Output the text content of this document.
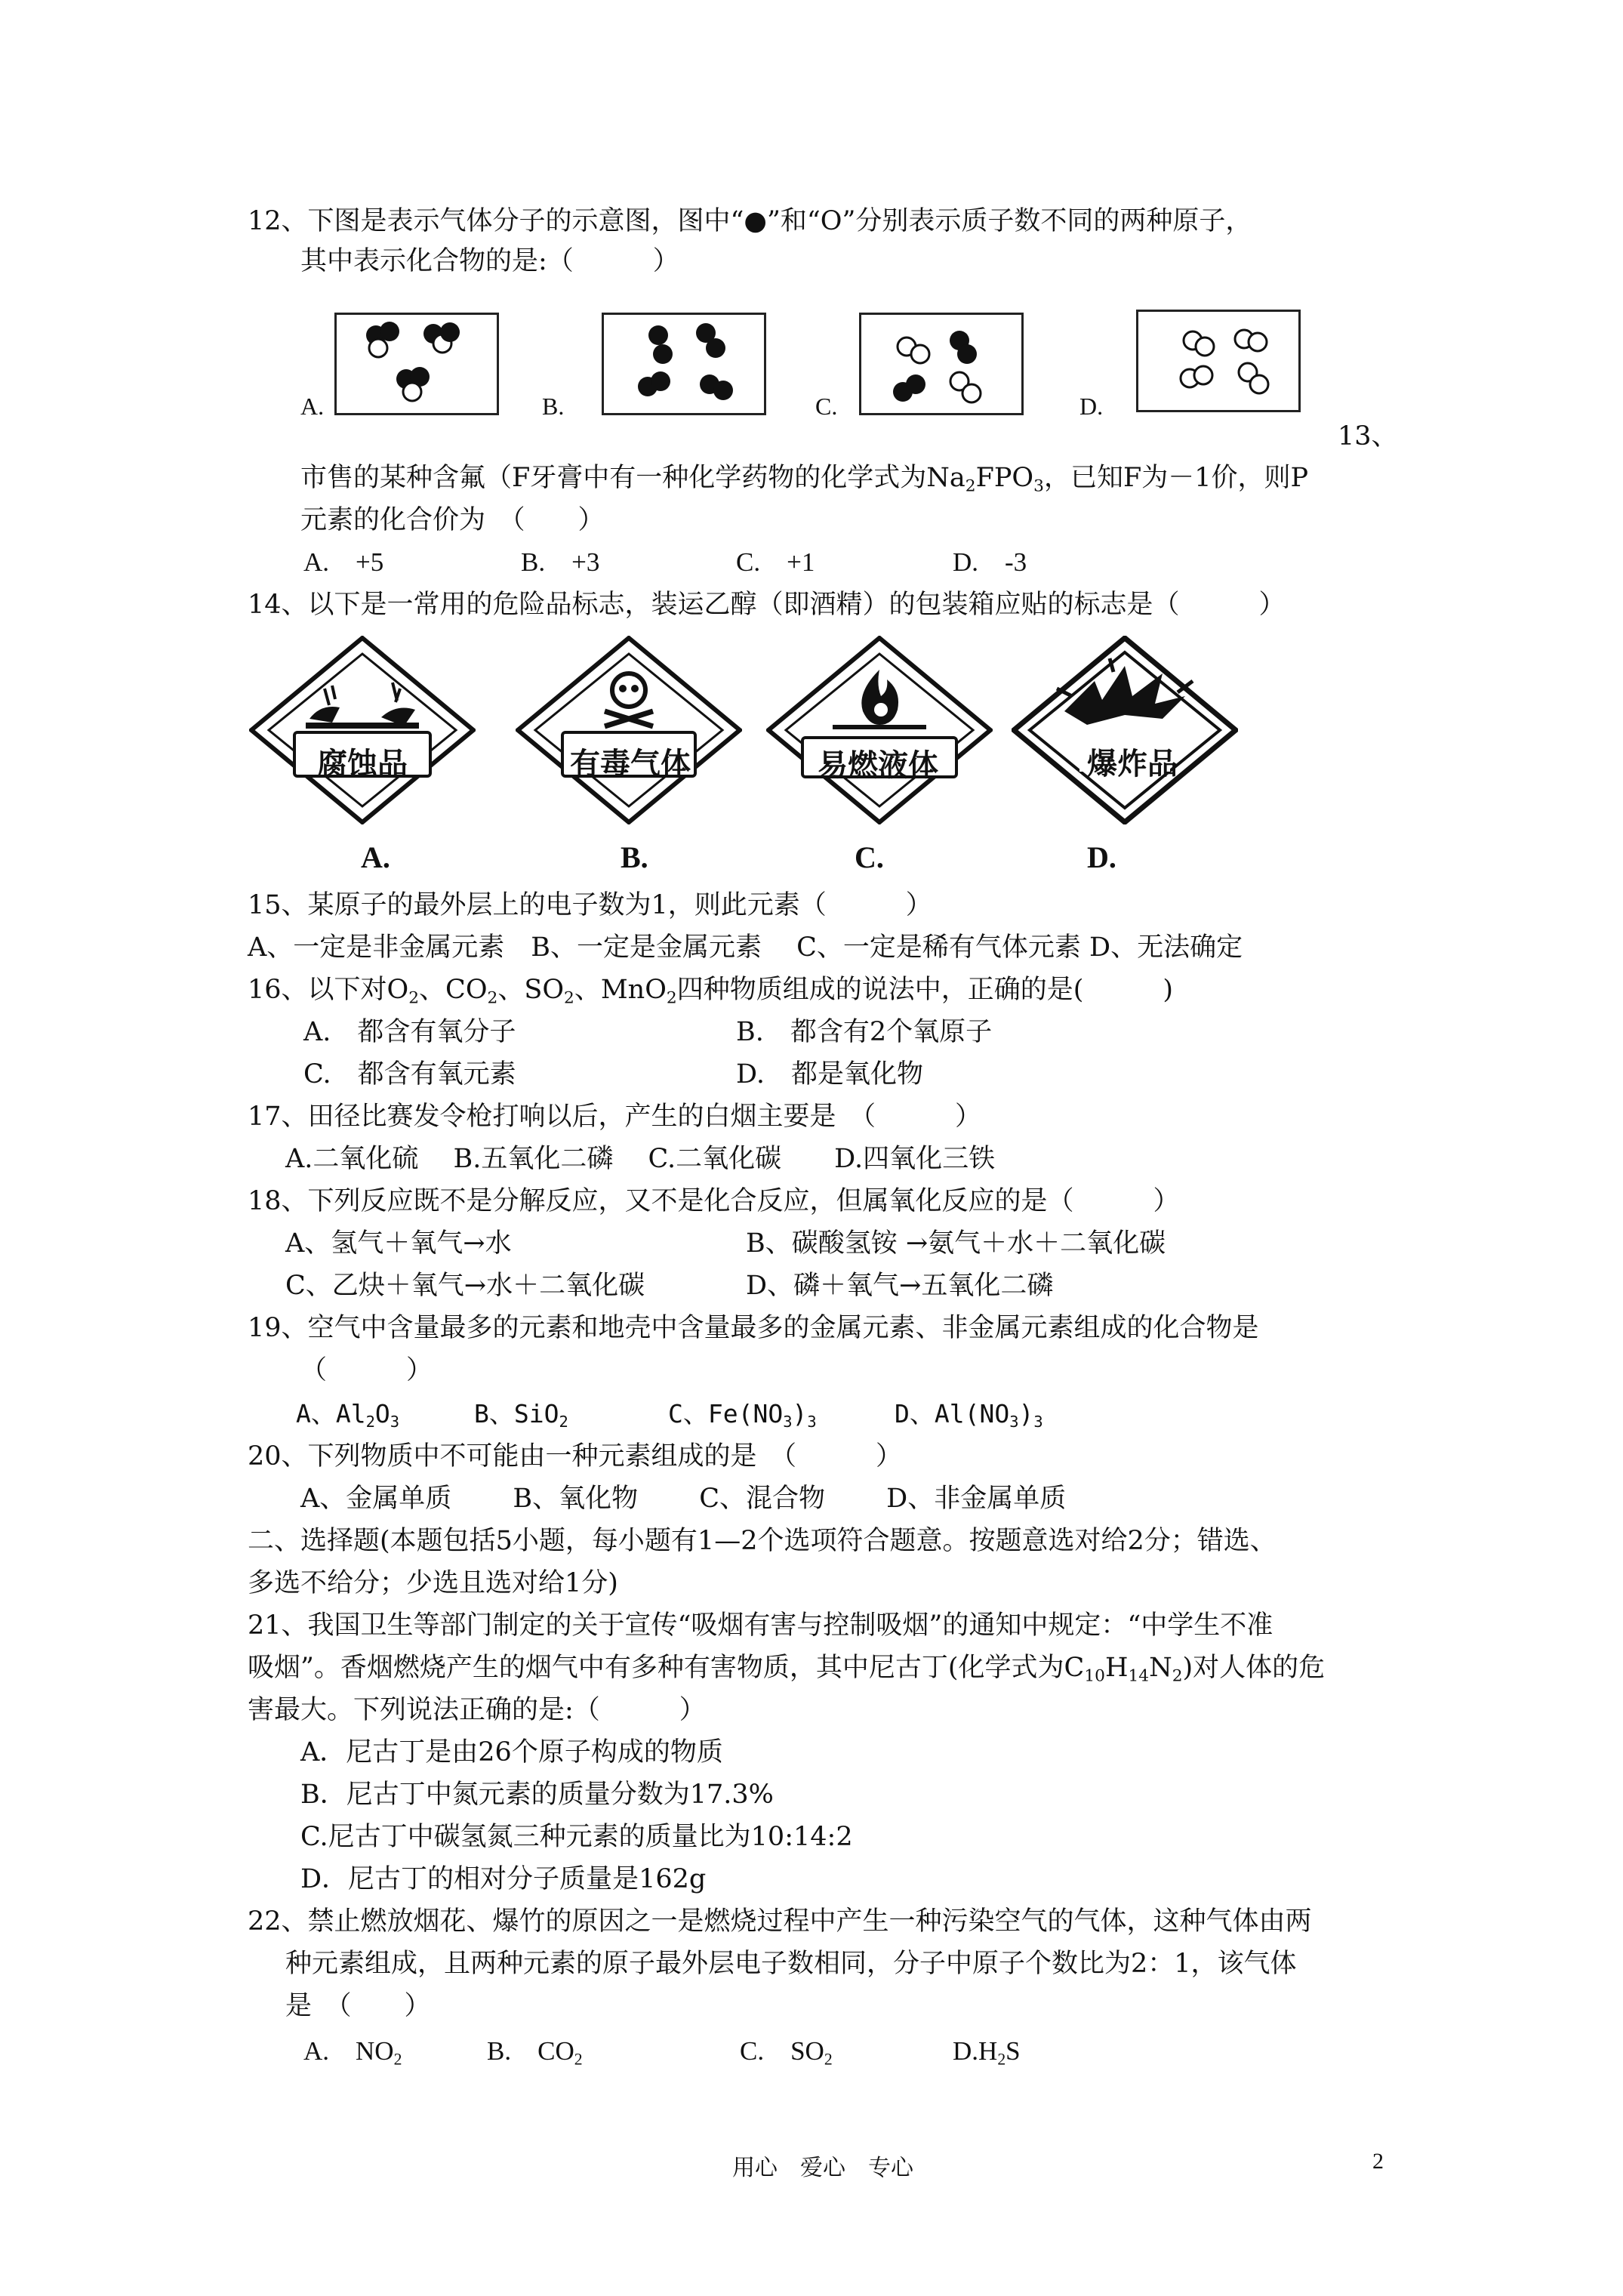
12、下图是表示气体分子的示意图，图中“●”和“O”分别表示质子数不同的两种原子，
其中表示化合物的是:（　　　）
A.	B.	C.	D.
13、
市售的某种含氟（F牙膏中有一种化学药物的化学式为$Na_2FPO_3$，已知F为－1价，则P
元素的化合价为　（　　）
A.　+5	B.　+3	C.　+1	D.　-3
14、以下是一常用的危险品标志，装运乙醇（即酒精）的包装箱应贴的标志是（　　　）
腐蚀品	有毒气体	易燃液体	爆炸品
A.	B.	C.	D.
15、某原子的最外层上的电子数为1，则此元素（　　　）
A、一定是非金属元素　B、一定是金属元素　 C、一定是稀有气体元素 D、无法确定
16、以下对$O_2$、$CO_2$、$SO_2$、MnO$_2$四种物质组成的说法中，正确的是(　　　)
A.　都含有氧分子	B.　都含有2个氧原子
C.　都含有氧元素	D.　都是氧化物
17、田径比赛发令枪打响以后，产生的白烟主要是　（　　　）
A.二氧化硫　 B.五氧化二磷　 C.二氧化碳　　D.四氧化三铁
18、下列反应既不是分解反应，又不是化合反应，但属氧化反应的是（　　　）
A、氢气＋氧气→水	B、碳酸氢铵 →氨气＋水＋二氧化碳
C、乙炔＋氧气→水＋二氧化碳	D、磷＋氧气→五氧化二磷
19、空气中含量最多的元素和地壳中含量最多的金属元素、非金属元素组成的化合物是
（　　　）
A、$Al_2O_3$	B、SiO$_2$	C、$Fe(NO_3)_3$	D、$Al(NO_3)_3$
20、下列物质中不可能由一种元素组成的是　（　　　）
A、金属单质　　 B、氧化物　　 C、混合物　　 D、非金属单质
二、选择题(本题包括5小题，每小题有1—2个选项符合题意。按题意选对给2分；错选、
多选不给分；少选且选对给1分)
21、我国卫生等部门制定的关于宣传“吸烟有害与控制吸烟”的通知中规定：“中学生不准
吸烟”。香烟燃烧产生的烟气中有多种有害物质，其中尼古丁(化学式为$C_{10}H_{14}N_2$)对人体的危
害最大。下列说法正确的是:（　　　）
A．尼古丁是由26个原子构成的物质
B．尼古丁中氮元素的质量分数为17.3%
C.尼古丁中碳氢氮三种元素的质量比为10:14:2
D．尼古丁的相对分子质量是162g
22、禁止燃放烟花、爆竹的原因之一是燃烧过程中产生一种污染空气的气体，这种气体由两
种元素组成，且两种元素的原子最外层电子数相同，分子中原子个数比为2：1，该气体
是　（　　）
A.　$NO_2$	B.　$CO_2$	C.　$SO_2$	$D.H_2S$
用心　爱心　专心	2
